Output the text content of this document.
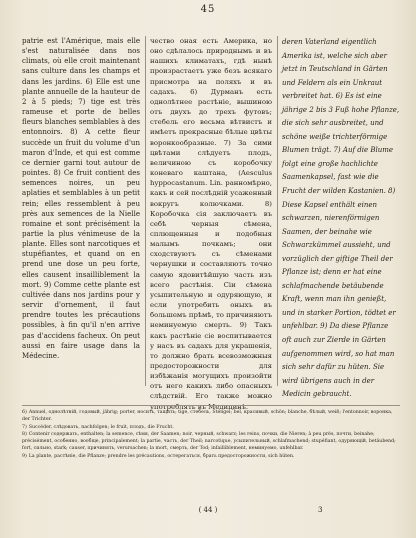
45

patrie est l'Amérique, mais elle s'est naturalisée dans nos climats, où elle croit maintenant sans culture dans les champs et dans les jardins. 6) Elle est une plante annuelle de la hauteur de 2 à 5 pieds; 7) tige est très rameuse et porte de belles fleurs blanches semblables à des entonnoirs. 8) A cette fleur succède un fruit du volume d'un maron d'Inde, et qui est comme ce dernier garni tout autour de pointes. 8) Ce fruit contient des semences noires, un peu aplaties et semblables à un petit rein; elles ressemblent à peu près aux semences de la Nielle romaine et sont précisément la partie la plus vénimeuse de la plante. Elles sont narcotiques et stupéfiantes, et quand on en prend une dose un peu forte, elles causent insailliblement la mort. 9) Comme cette plante est cultivée dans nos jardins pour y servir d'ornement, il faut prendre toutes les précautions possibles, à fin qu'il n'en arrive pas d'accidens facheux. On peut aussi en faire usage dans la Médecine.

чество оная есть Америка, но оно сдѣлалось природнымъ и въ нашихъ климатахъ, гдѣ нынѣ произрастаетъ уже безъ всякаго присмотра на поляхъ и въ садахъ. 6) Дурманъ есть однолѣтнее растѣніе, вышиною отъ двухъ до трехъ футовъ; стебель его весьма вѣтвистъ и имѣетъ прекрасные бѣлые цвѣты воронкообразные. 7) За сими цвѣтами слѣдуетъ плодъ, величиною съ коробочку коневаго каштана, (Aesculus hyppocastanum. Lin. ранномѣрно, какъ и сей послѣдній усаженный вокругъ колючками. 8) Коробочка сія заключаетъ въ себѣ черныя сѣмена, сплющенныя и подобныя малымъ почкамъ; они сходствуютъ съ сѣменами чернушки и составляютъ точно самую ядовитѣйшую часть изъ всего растѣнія. Сіи сѣмена усыпительную и одуряющую, и если употребить оныхъ въ большемъ прѣмѣ, то причиняютъ неминуемую смерть. 9) Такъ какъ растѣніе сіе воспитывается у насъ въ садахъ для украшенія, то должно брать всевозможныя предосторожности для избѣжанія могущихъ произойти отъ него какихъ либо опасныхъ слѣдствій. Его также можно употреблять въ Медицинѣ.

deren Vaterland eigentlich Amerika ist, welche sich aber jetzt in Teutschland in Gärten und Feldern als ein Unkraut verbreitet hat. 6) Es ist eine jährige 2 bis 3 Fuß hohe Pflanze, die sich sehr ausbreitet, und schöne weiße trichterförmige Blumen trägt. 7) Auf die Blume folgt eine große hachlichte Saamenkapsel, fast wie die Frucht der wilden Kastanien. 8) Diese Kapsel enthält einen schwarzen, nierenförmigen Saamen, der beinahe wie Schwarzkümmel aussieht, und vorzüglich der giftige Theil der Pflanze ist; denn er hat eine schlafmachende betäubende Kraft, wenn man ihn genießt, und in starker Portion, tödtet er unfehlbar. 9) Da diese Pflanze oft auch zur Zierde in Gärten aufgenommen wird, so hat man sich sehr dafür zu hüten. Sie wird übrigens auch in der Medicin gebraucht.

6) Annuel, однолѣтній, годовый, jährig; porter, носить, тащить; tige, стебель, Stengel; bel, красивый, schön; blanche, бѣлый, weiß; l'entonnoir, воронка, der Trichter.

7) Succéder, слѣдовать, nachfolgen; le fruit, плодъ, die Frucht.

8) Contenir содержать, enthalten; la semence, сѣмя, der Saamen; noir, черный, schwarz; les reins, почки, die Nieren; à peu près, почти, beinahe; précisément, особенно, вообще, principalement; la partie, часть, der Theil; narcotique, усыпительный, schlafmachend; stupéfiant, одуряющій, betäubend; fort, сильно, stark; causer, причинять, verursachen; la mort, смерть, der Tod; infailliblement, неминуемо, unfehlbar.

9) La plante, растѣніе, die Pflanze; prendre les précautions, остерегаться, брать предосторожности, sich hüten.

( 44 )	3
